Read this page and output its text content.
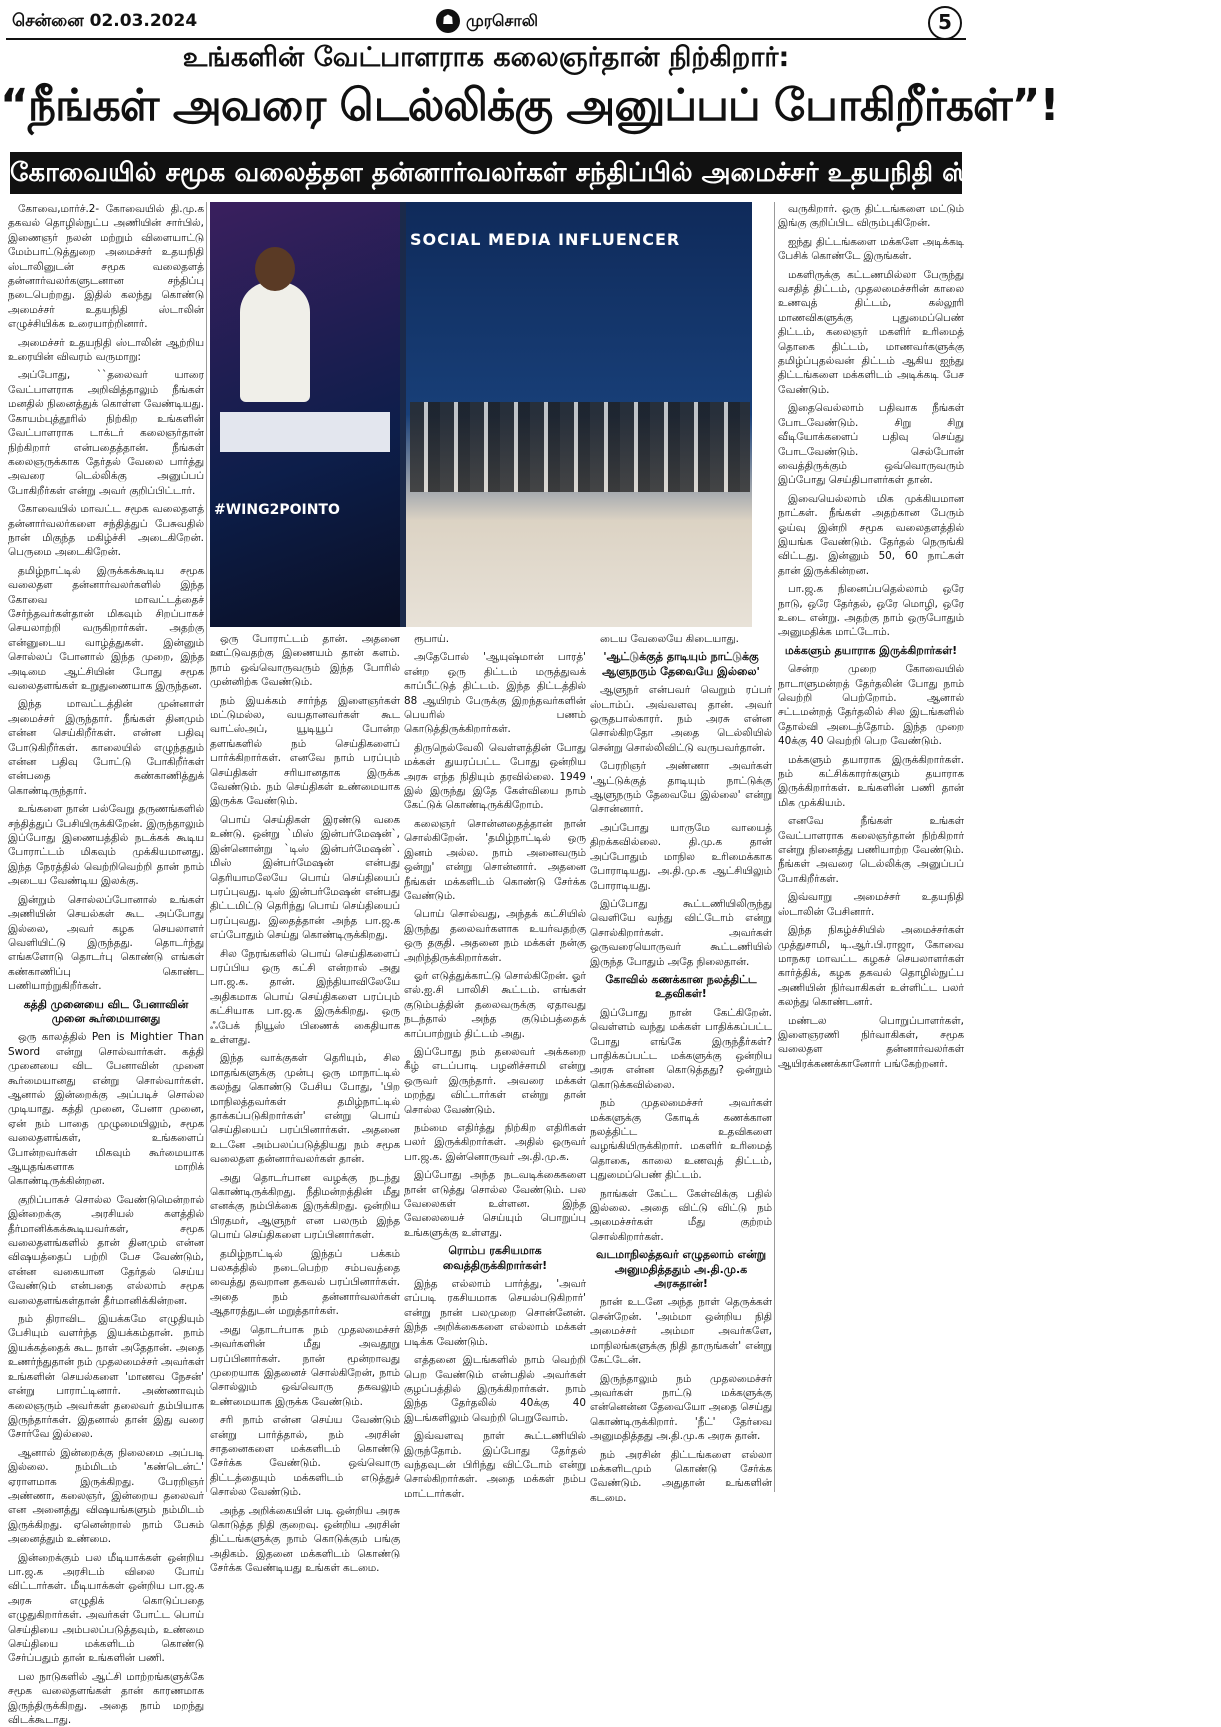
சென்னை 02.03.2024	☗ முரசொலி	5
உங்களின் வேட்பாளராக கலைஞர்தான் நிற்கிறார்:
“நீங்கள் அவரை டெல்லிக்கு அனுப்பப் போகிறீர்கள்”!
கோவையில் சமூக வலைத்தள தன்னார்வலர்கள் சந்திப்பில் அமைச்சர் உதயநிதி ஸ்டாலின் அறைகூவல்!

கோவை,மார்ச்.2- கோவையில் தி.மு.க தகவல் தொழில்நுட்ப அணியின் சார்பில், இணைஞர் நலன் மற்றும் விளையாட்டு மேம்பாட்டுத்துறை அமைச்சர் உதயநிதி ஸ்டாலினுடன் சமூக வலைதளத் தன்னார்வலர்களுடனான சந்திப்பு நடைபெற்றது. இதில் கலந்து கொண்டு அமைச்சர் உதயநிதி ஸ்டாலின் எழுச்சியிக்க உரையாற்றினார்.

அமைச்சர் உதயநிதி ஸ்டாலின் ஆற்றிய உரையின் விவரம் வருமாறு:

அப்போது, ``தலைவர் யாரை வேட்பாளராக அறிவித்தாலும் நீங்கள் மனதில் நினைத்துக் கொள்ள வேண்டியது. கோயம்புத்தூரில் நிற்கிற உங்களின் வேட்பாளராக டாக்டர் கலைஞர்தான் நிற்கிறார் என்பதைத்தான். நீங்கள் கலைஞருக்காக தேர்தல் வேலை பார்த்து அவரை டெல்லிக்கு அனுப்பப் போகிறீர்கள் என்று அவர் குறிப்பிட்டார்.

கோவையில் மாவட்ட சமூக வலைதளத் தன்னார்வலர்களை சந்தித்துப் பேசுவதில் நான் மிகுந்த மகிழ்ச்சி அடைகிறேன். பெருமை அடைகிறேன்.

தமிழ்நாட்டில் இருக்கக்கூடிய சமூக வலைதள தன்னார்வலர்களில் இந்த கோவை மாவட்டத்தைச் சேர்ந்தவர்கள்தான் மிகவும் சிறப்பாகச் செயலாற்றி வருகிறார்கள். அதற்கு என்னுடைய வாழ்த்துகள். இன்னும் சொல்லப் போனால் இந்த முறை, இந்த அடிமை ஆட்சியின் போது சமூக வலைதளங்கள் உறுதுணையாக இருந்தன.

இந்த மாவட்டத்தின் முன்னாள் அமைச்சர் இருந்தார். நீங்கள் தினமும் என்ன செய்கிறீர்கள். என்ன பதிவு போடுகிறீர்கள். காலையில் எழுந்ததும் என்ன பதிவு போட்டு போகிறீர்கள் என்பதை கண்காணித்துக் கொண்டிருந்தார்.

உங்களை நான் பல்வேறு தருணங்களில் சந்தித்துப் பேசியிருக்கிறேன். இருந்தாலும் இப்போது இணையத்தில் நடக்கக் கூடிய போராட்டம் மிகவும் முக்கியமானது. இந்த நேரத்தில் வெற்றிவெற்றி தான் நாம் அடைய வேண்டிய இலக்கு.

இன்றும் சொல்லப்போனால் உங்கள் அணியின் செயல்கள் கூட அப்போது இல்லை, அவர் கழக செயலாளர் வெளியிட்டு இருந்தது. தொடர்ந்து எங்களோடு தொடர்பு கொண்டு எங்கள் கண்காணிப்பு கொண்ட பணியாற்றுகிறீர்கள்.

கத்தி முனையை விட பேனாவின் முனை கூர்மையானது

ஒரு காலத்தில் Pen is Mightier Than Sword என்று சொல்வார்கள். கத்தி முனையை விட பேனாவின் முனை கூர்மையானது என்று சொல்வார்கள். ஆனால் இன்றைக்கு அப்படிச் சொல்ல முடியாது. கத்தி முனை, பேனா முனை, ஏன் நம் பாதை முழுமையிலும், சமூக வலைதளங்கள், உங்களைப் போன்றவர்கள் மிகவும் கூர்மையாக ஆயுதங்களாக மாறிக் கொண்டிருக்கின்றன.

குறிப்பாகச் சொல்ல வேண்டுமென்றால் இன்றைக்கு அரசியல் களத்தில் தீர்மானிக்கக்கூடியவர்கள், சமூக வலைதளங்களில் தான் தினமும் என்ன விஷயத்தைப் பற்றி பேச வேண்டும், என்ன வகையான தேர்தல் செய்ய வேண்டும் என்பதை எல்லாம் சமூக வலைதளங்கள்தான் தீர்மானிக்கின்றன.

நம் திராவிட இயக்கமே எழுதியும் பேசியும் வளர்ந்த இயக்கம்தான். நாம் இயக்கத்தைக் கூட நாள் அதேதான். அதை உணர்ந்துதான் நம் முதலமைச்சர் அவர்கள் உங்களின் செயல்களை 'மாணவ நேசன்' என்று பாராட்டினார். அண்ணாவும் கலைஞரும் அவர்கள் தலைவர் தம்பியாக இருந்தார்கள். இதனால் தான் இது வரை சோர்வே இல்லை.

ஆனால் இன்றைக்கு நிலைமை அப்படி இல்லை. நம்மிடம் 'கண்டென்ட்' ஏராளமாக இருக்கிறது. பேரறிஞர் அண்ணா, கலைஞர், இன்றைய தலைவர் என அனைத்து விஷயங்களும் நம்மிடம் இருக்கிறது. ஏனென்றால் நாம் பேசும் அனைத்தும் உண்மை.

இன்றைக்கும் பல மீடியாக்கள் ஒன்றிய பா.ஜ.க அரசிடம் விலை போய் விட்டார்கள். மீடியாக்கள் ஒன்றிய பா.ஜ.க அரசு எழுதிக் கொடுப்பதை எழுதுகிறார்கள். அவர்கள் போட்ட பொய் செய்தியை அம்பலப்படுத்தவும், உண்மை செய்தியை மக்களிடம் கொண்டு சேர்ப்பதும் தான் உங்களின் பணி.

பல நாடுகளில் ஆட்சி மாற்றங்களுக்கே சமூக வலைதளங்கள் தான் காரணமாக இருந்திருக்கிறது. அதை நாம் மறந்து விடக்கூடாது.

#WING2POINTO
SOCIAL MEDIA INFLUENCER

ஒரு போராட்டம் தான். அதனை ஊட்டுவதற்கு இணையம் தான் களம். நாம் ஒவ்வொருவரும் இந்த போரில் முன்னிற்க வேண்டும்.

நம் இயக்கம் சார்ந்த இளைஞர்கள் மட்டுமல்ல, வயதானவர்கள் கூட வாட்ஸ்அப், யூடியூப் போன்ற தளங்களில் நம் செய்திகளைப் பார்க்கிறார்கள். எனவே நாம் பரப்பும் செய்திகள் சரியானதாக இருக்க வேண்டும். நம் செய்திகள் உண்மையாக இருக்க வேண்டும்.

பொய் செய்திகள் இரண்டு வகை உண்டு. ஒன்று `மிஸ் இன்பர்மேஷன்`, இன்னொன்று `டிஸ் இன்பர்மேஷன்`. மிஸ் இன்பர்மேஷன் என்பது தெரியாமலேயே பொய் செய்தியைப் பரப்புவது. டிஸ் இன்பர்மேஷன் என்பது திட்டமிட்டு தெரிந்து பொய் செய்தியைப் பரப்புவது. இதைத்தான் அந்த பா.ஜ.க எப்போதும் செய்து கொண்டிருக்கிறது.

சில நேரங்களில் பொய் செய்திகளைப் பரப்பிய ஒரு கட்சி என்றால் அது பா.ஜ.க. தான். இந்தியாவிலேயே அதிகமாக பொய் செய்திகளை பரப்பும் கட்சியாக பா.ஜ.க இருக்கிறது. ஒரு ஃபேக் நியூஸ் பிணைக் கைதியாக உள்ளது.

இந்த வாக்குகள் தெரியும், சில மாதங்களுக்கு முன்பு ஒரு மாநாட்டில் கலந்து கொண்டு பேசிய போது, 'பிற மாநிலத்தவர்கள் தமிழ்நாட்டில் தாக்கப்படுகிறார்கள்' என்று பொய் செய்தியைப் பரப்பினார்கள். அதனை உடனே அம்பலப்படுத்தியது நம் சமூக வலைதள தன்னார்வலர்கள் தான்.

அது தொடர்பான வழக்கு நடந்து கொண்டிருக்கிறது. நீதிமன்றத்தின் மீது எனக்கு நம்பிக்கை இருக்கிறது. ஒன்றிய பிரதமர், ஆளுநர் என பலரும் இந்த பொய் செய்திகளை பரப்பினார்கள்.

தமிழ்நாட்டில் இந்தப் பக்கம் பலகத்தில் நடைபெற்ற சம்பவத்தை வைத்து தவறான தகவல் பரப்பினார்கள். அதை நம் தன்னார்வலர்கள் ஆதாரத்துடன் மறுத்தார்கள்.

அது தொடர்பாக நம் முதலமைச்சர் அவர்களின் மீது அவதூறு பரப்பினார்கள். நான் மூன்றாவது முறையாக இதனைச் சொல்கிறேன், நாம் சொல்லும் ஒவ்வொரு தகவலும் உண்மையாக இருக்க வேண்டும்.

சரி நாம் என்ன செய்ய வேண்டும் என்று பார்த்தால், நம் அரசின் சாதனைகளை மக்களிடம் கொண்டு சேர்க்க வேண்டும். ஒவ்வொரு திட்டத்தையும் மக்களிடம் எடுத்துச் சொல்ல வேண்டும்.

அந்த அறிக்கையின் படி ஒன்றிய அரசு கொடுத்த நிதி குறைவு. ஒன்றிய அரசின் திட்டங்களுக்கு நாம் கொடுக்கும் பங்கு அதிகம். இதனை மக்களிடம் கொண்டு சேர்க்க வேண்டியது உங்கள் கடமை.

ரூபாய்.

அதேபோல் 'ஆயுஷ்மான் பாரத்' என்ற ஒரு திட்டம் மருத்துவக் காப்பீட்டுத் திட்டம். இந்த திட்டத்தில் 88 ஆயிரம் பேருக்கு இறந்தவர்களின் பெயரில் பணம் கொடுத்திருக்கிறார்கள்.

திருநெல்வேலி வெள்ளத்தின் போது மக்கள் துயரப்பட்ட போது ஒன்றிய அரசு எந்த நிதியும் தரவில்லை. 1949 இல் இருந்து இதே கேள்வியை நாம் கேட்டுக் கொண்டிருக்கிறோம்.

கலைஞர் சொன்னதைத்தான் நான் சொல்கிறேன். 'தமிழ்நாட்டில் ஒரு இனம் அல்ல. நாம் அனைவரும் ஒன்று' என்று சொன்னார். அதனை நீங்கள் மக்களிடம் கொண்டு சேர்க்க வேண்டும்.

பொய் சொல்வது, அந்தக் கட்சியில் இருந்து தலைவர்களாக உயர்வதற்கு ஒரு தகுதி. அதனை நம் மக்கள் நன்கு அறிந்திருக்கிறார்கள்.

ஓர் எடுத்துக்காட்டு சொல்கிறேன். ஓர் எல்.ஐ.சி பாலிசி கூட்டம். எங்கள் குடும்பத்தின் தலைவருக்கு ஏதாவது நடந்தால் அந்த குடும்பத்தைக் காப்பாற்றும் திட்டம் அது.

இப்போது நம் தலைவர் அக்கறை கீழ் எடப்பாடி பழனிச்சாமி என்று ஒருவர் இருந்தார். அவரை மக்கள் மறந்து விட்டார்கள் என்று தான் சொல்ல வேண்டும்.

நம்மை எதிர்த்து நிற்கிற எதிரிகள் பலர் இருக்கிறார்கள். அதில் ஒருவர் பா.ஜ.க. இன்னொருவர் அ.தி.மு.க.

இப்போது அந்த நடவடிக்கைகளை நான் எடுத்து சொல்ல வேண்டும். பல வேலைகள் உள்ளன. இந்த வேலையைச் செய்யும் பொறுப்பு உங்களுக்கு உள்ளது.

ரொம்ப ரகசியமாக வைத்திருக்கிறார்கள்!

இந்த எல்லாம் பார்த்து, 'அவர் எப்படி ரகசியமாக செயல்படுகிறார்' என்று நான் பலமுறை சொன்னேன். இந்த அறிக்கைகளை எல்லாம் மக்கள் படிக்க வேண்டும்.

எத்தனை இடங்களில் நாம் வெற்றி பெற வேண்டும் என்பதில் அவர்கள் குழப்பத்தில் இருக்கிறார்கள். நாம் இந்த தேர்தலில் 40க்கு 40 இடங்களிலும் வெற்றி பெறுவோம்.

இவ்வளவு நாள் கூட்டணியில் இருந்தோம். இப்போது தேர்தல் வந்தவுடன் பிரிந்து விட்டோம் என்று சொல்கிறார்கள். அதை மக்கள் நம்ப மாட்டார்கள்.

டைய வேலையே கிடையாது.

'ஆட்டுக்குத் தாடியும் நாட்டுக்கு ஆளுநரும் தேவையே இல்லை'

ஆளுநர் என்பவர் வெறும் ரப்பர் ஸ்டாம்ப். அவ்வளவு தான். அவர் ஒருதபால்காரர். நம் அரசு என்ன சொல்கிறதோ அதை டெல்லியில் சென்று சொல்லிவிட்டு வருபவர்தான்.

பேரறிஞர் அண்ணா அவர்கள் 'ஆட்டுக்குத் தாடியும் நாட்டுக்கு ஆளுநரும் தேவையே இல்லை' என்று சொன்னார்.

அப்போது யாருமே வாயைத் திறக்கவில்லை. தி.மு.க தான் அப்போதும் மாநில உரிமைக்காக போராடியது. அ.தி.மு.க ஆட்சியிலும் போராடியது.

இப்போது கூட்டணியிலிருந்து வெளியே வந்து விட்டோம் என்று சொல்கிறார்கள். அவர்கள் ஒருவரையொருவர் கூட்டணியில் இருந்த போதும் அதே நிலைதான்.

கோவில் கணக்கான நலத்திட்ட உதவிகள்!

இப்போது நான் கேட்கிறேன். வெள்ளம் வந்து மக்கள் பாதிக்கப்பட்ட போது எங்கே இருந்தீர்கள்? பாதிக்கப்பட்ட மக்களுக்கு ஒன்றிய அரசு என்ன கொடுத்தது? ஒன்றும் கொடுக்கவில்லை.

நம் முதலமைச்சர் அவர்கள் மக்களுக்கு கோடிக் கணக்கான நலத்திட்ட உதவிகளை வழங்கியிருக்கிறார். மகளிர் உரிமைத் தொகை, காலை உணவுத் திட்டம், புதுமைப்பெண் திட்டம்.

நாங்கள் கேட்ட கேள்விக்கு பதில் இல்லை. அதை விட்டு விட்டு நம் அமைச்சர்கள் மீது குற்றம் சொல்கிறார்கள்.

வடமாநிலத்தவர் எழுதலாம் என்று அனுமதித்ததும் அ.தி.மு.க அரசுதான்!

நான் உடனே அந்த நாள் தெருக்கள் சென்றேன். 'அம்மா ஒன்றிய நிதி அமைச்சர் அம்மா அவர்களே, மாநிலங்களுக்கு நிதி தாருங்கள்' என்று கேட்டேன்.

இருந்தாலும் நம் முதலமைச்சர் அவர்கள் நாட்டு மக்களுக்கு என்னென்ன தேவையோ அதை செய்து கொண்டிருக்கிறார். 'நீட்' தேர்வை அனுமதித்தது அ.தி.மு.க அரசு தான்.

நம் அரசின் திட்டங்களை எல்லா மக்களிடமும் கொண்டு சேர்க்க வேண்டும். அதுதான் உங்களின் கடமை.

வருகிறார். ஒரு திட்டங்களை மட்டும் இங்கு குறிப்பிட விரும்புகிறேன்.

ஐந்து திட்டங்களை மக்களே அடிக்கடி பேசிக் கொண்டே இருங்கள்.

மகளிருக்கு கட்டணமில்லா பேருந்து வசதித் திட்டம், முதலமைச்சரின் காலை உணவுத் திட்டம், கல்லூரி மாணவிகளுக்கு புதுமைப்பெண் திட்டம், கலைஞர் மகளிர் உரிமைத் தொகை திட்டம், மாணவர்களுக்கு தமிழ்ப்புதல்வன் திட்டம் ஆகிய ஐந்து திட்டங்களை மக்களிடம் அடிக்கடி பேச வேண்டும்.

இதைவெல்லாம் பதிவாக நீங்கள் போடவேண்டும். சிறு சிறு வீடியோக்களைப் பதிவு செய்து போடவேண்டும். செல்போன் வைத்திருக்கும் ஒவ்வொருவரும் இப்போது செய்திபாளர்கள் தான்.

இவையெல்லாம் மிக முக்கியமான நாட்கள். நீங்கள் அதற்கான பேரும் ஓய்வு இன்றி சமூக வலைதளத்தில் இயங்க வேண்டும். தேர்தல் நெருங்கி விட்டது. இன்னும் 50, 60 நாட்கள் தான் இருக்கின்றன.

பா.ஜ.க நினைப்பதெல்லாம் ஒரே நாடு, ஒரே தேர்தல், ஒரே மொழி, ஒரே உடை என்று. அதற்கு நாம் ஒருபோதும் அனுமதிக்க மாட்டோம்.

மக்களும் தயாராக இருக்கிறார்கள்!

சென்ற முறை கோவையில் நாடாளுமன்றத் தேர்தலின் போது நாம் வெற்றி பெற்றோம். ஆனால் சட்டமன்றத் தேர்தலில் சில இடங்களில் தோல்வி அடைந்தோம். இந்த முறை 40க்கு 40 வெற்றி பெற வேண்டும்.

மக்களும் தயாராக இருக்கிறார்கள். நம் கட்சிக்காரர்களும் தயாராக இருக்கிறார்கள். உங்களின் பணி தான் மிக முக்கியம்.

எனவே நீங்கள் உங்கள் வேட்பாளராக கலைஞர்தான் நிற்கிறார் என்று நினைத்து பணியாற்ற வேண்டும். நீங்கள் அவரை டெல்லிக்கு அனுப்பப் போகிறீர்கள்.

இவ்வாறு அமைச்சர் உதயநிதி ஸ்டாலின் பேசினார்.

இந்த நிகழ்ச்சியில் அமைச்சர்கள் முத்துசாமி, டி.ஆர்.பி.ராஜா, கோவை மாநகர மாவட்ட கழகச் செயலாளர்கள் கார்த்திக், கழக தகவல் தொழில்நுட்ப அணியின் நிர்வாகிகள் உள்ளிட்ட பலர் கலந்து கொண்டனர்.

மண்டல பொறுப்பாளர்கள், இளைஞரணி நிர்வாகிகள், சமூக வலைதள தன்னார்வலர்கள் ஆயிரக்கணக்கானோர் பங்கேற்றனர்.
